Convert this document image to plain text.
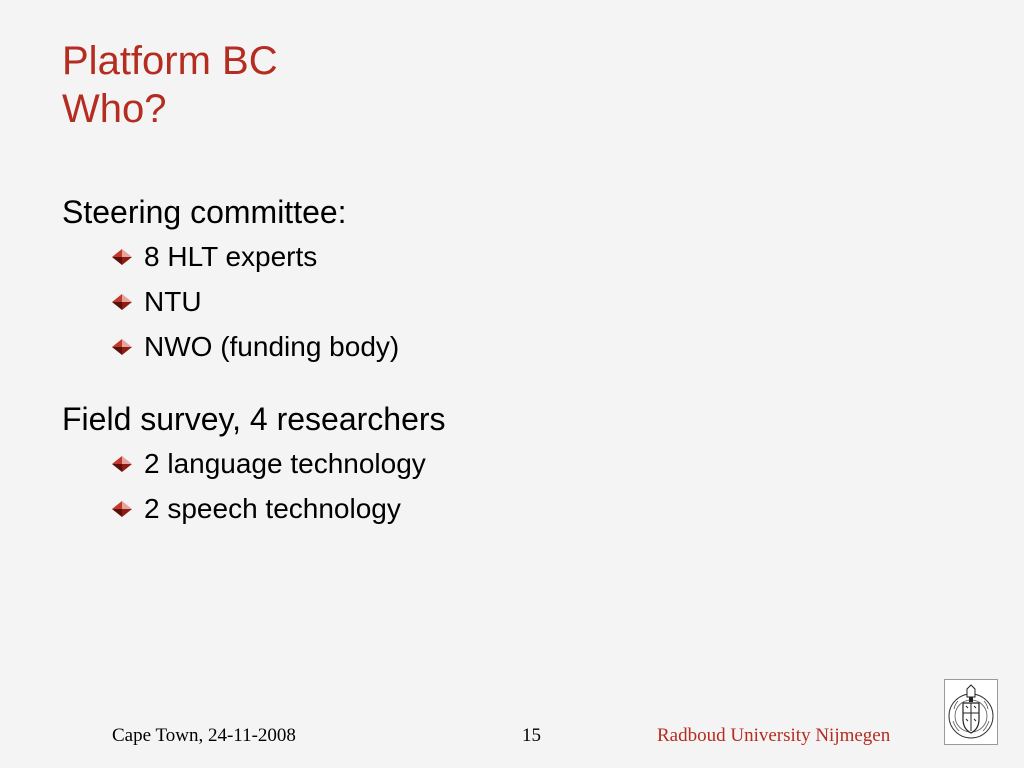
Platform BC
Who?
Steering committee:
8 HLT experts
NTU
NWO (funding body)
Field survey, 4 researchers
2 language technology
2 speech technology
Cape Town, 24-11-2008	15	Radboud University Nijmegen
